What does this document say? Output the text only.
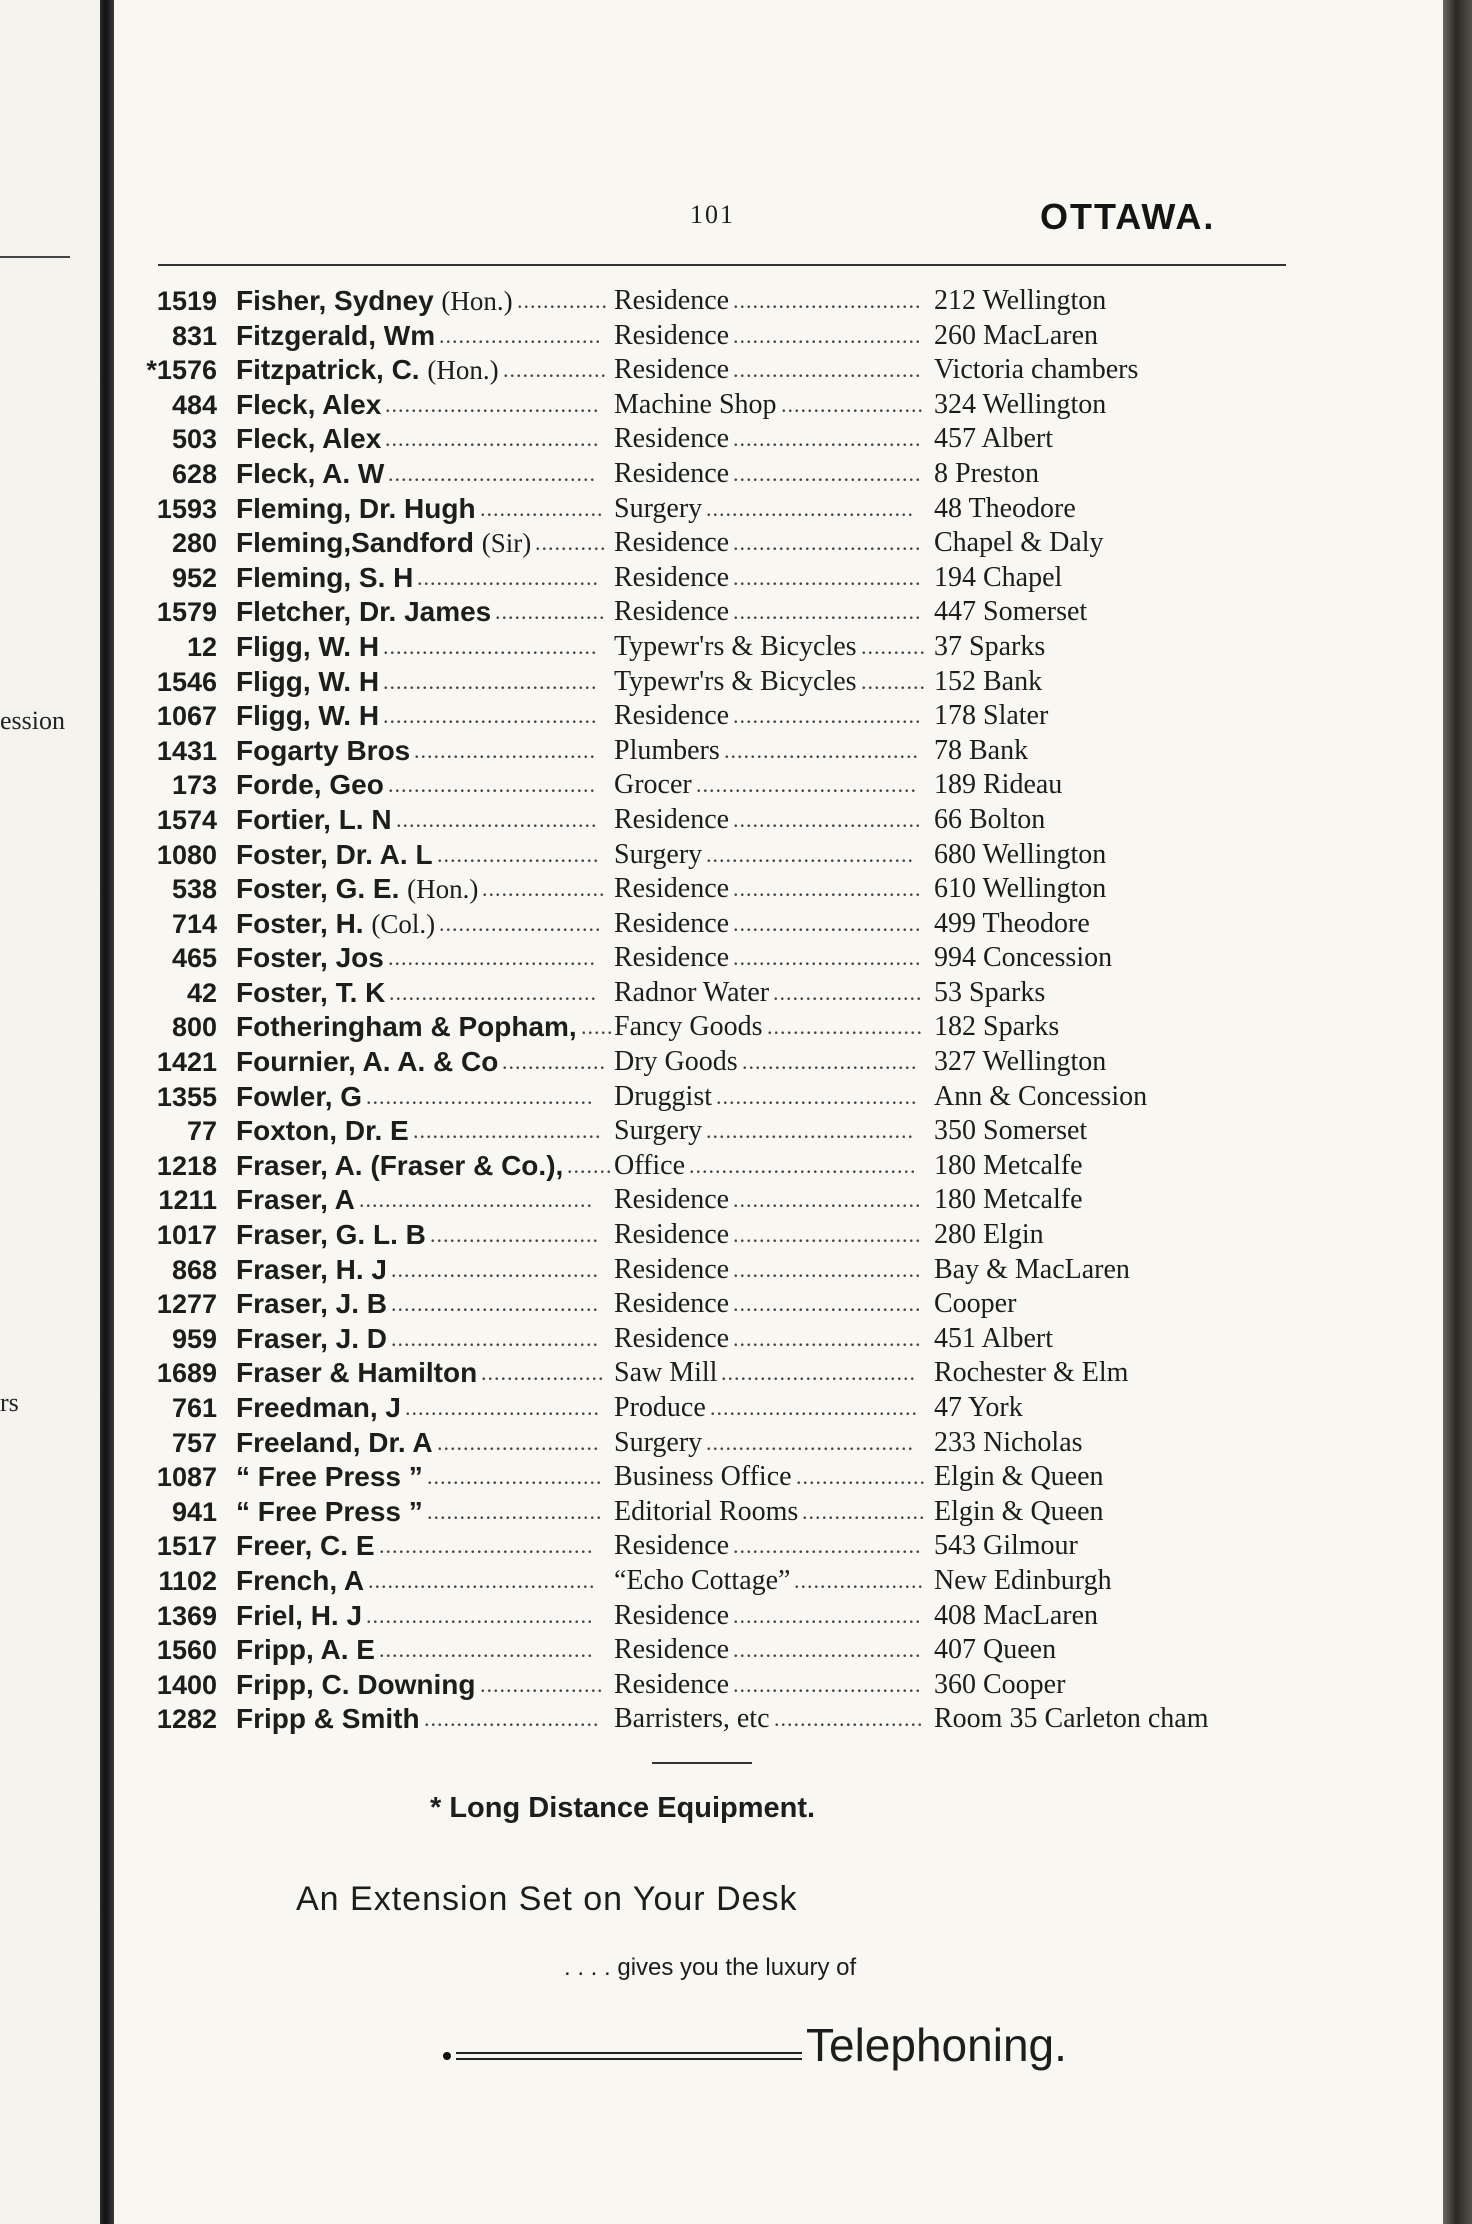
ession
rs
101	OTTAWA.
1519 Fisher, Sydney (Hon.)	Residence	212 Wellington
..............	.............................
831 Fitzgerald, Wm	Residence	260 MacLaren
.........................	.............................
*1576 Fitzpatrick, C. (Hon.)	Residence	Victoria chambers
................	.............................
484 Fleck, Alex	Machine Shop	324 Wellington
.................................	......................
503 Fleck, Alex	Residence	457 Albert
.................................	.............................
628 Fleck, A. W	Residence	8 Preston
................................	.............................
1593 Fleming, Dr. Hugh	Surgery	48 Theodore
...................	................................
280 Fleming,Sandford (Sir)	Residence	Chapel & Daly
...........	.............................
952 Fleming, S. H	Residence	194 Chapel
............................	.............................
1579 Fletcher, Dr. James	Residence	447 Somerset
.................	.............................
12 Fligg, W. H	Typewr'rs & Bicycles	37 Sparks
.................................	..........
1546 Fligg, W. H	Typewr'rs & Bicycles	152 Bank
.................................	..........
1067 Fligg, W. H	Residence	178 Slater
.................................	.............................
1431 Fogarty Bros	Plumbers	78 Bank
............................	..............................
173 Forde, Geo	Grocer	189 Rideau
................................	..................................
1574 Fortier, L. N	Residence	66 Bolton
...............................	.............................
1080 Foster, Dr. A. L	Surgery	680 Wellington
.........................	................................
538 Foster, G. E. (Hon.)	Residence	610 Wellington
...................	.............................
714 Foster, H. (Col.)	Residence	499 Theodore
.........................	.............................
465 Foster, Jos	Residence	994 Concession
................................	.............................
42 Foster, T. K	Radnor Water	53 Sparks
................................	.......................
800 Fotheringham & Popham, Fancy Goods	182 Sparks
.....	........................
1421 Fournier, A. A. & Co	Dry Goods	327 Wellington
................	...........................
1355 Fowler, G	Druggist	Ann & Concession
...................................	...............................
77 Foxton, Dr. E	Surgery	350 Somerset
.............................	................................
1218 Fraser, A. (Fraser & Co.), Office	180 Metcalfe
.......	...................................
1211 Fraser, A	Residence	180 Metcalfe
....................................	.............................
1017 Fraser, G. L. B	Residence	280 Elgin
..........................	.............................
868 Fraser, H. J	Residence	Bay & MacLaren
................................	.............................
1277 Fraser, J. B	Residence	Cooper
................................	.............................
959 Fraser, J. D	Residence	451 Albert
................................	.............................
1689 Fraser & Hamilton	Saw Mill	Rochester & Elm
...................	..............................
761 Freedman, J	Produce	47 York
..............................	................................
757 Freeland, Dr. A	Surgery	233 Nicholas
.........................	................................
1087 “ Free Press ”	Business Office	Elgin & Queen
...........................	....................
941 “ Free Press ”	Editorial Rooms	Elgin & Queen
...........................	...................
1517 Freer, C. E	Residence	543 Gilmour
.................................	.............................
1102 French, A	“Echo Cottage”	New Edinburgh
...................................	....................
1369 Friel, H. J	Residence	408 MacLaren
...................................	.............................
1560 Fripp, A. E	Residence	407 Queen
.................................	.............................
1400 Fripp, C. Downing	Residence	360 Cooper
...................	.............................
1282 Fripp & Smith	Barristers, etc	Room 35 Carleton cham
...........................	.......................
* Long Distance Equipment.
An Extension Set on Your Desk
. . . . gives you the luxury of
Telephoning.
